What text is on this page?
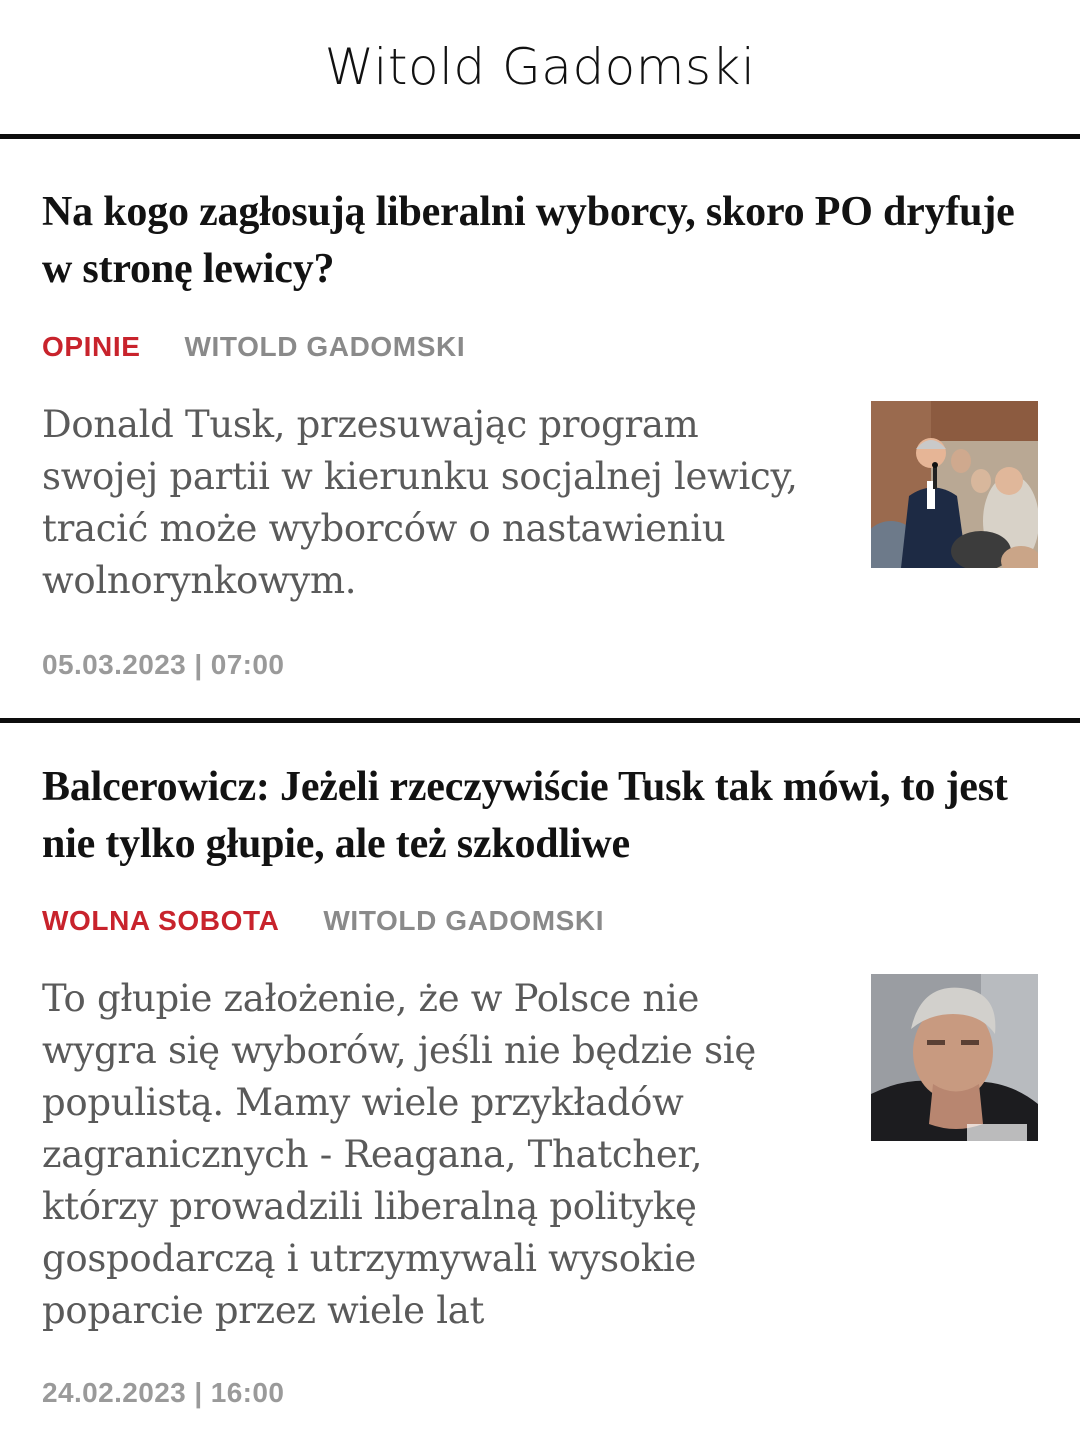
Witold Gadomski
Na kogo zagłosują liberalni wyborcy, skoro PO dryfuje w stronę lewicy?
OPINIE WITOLD GADOMSKI

Donald Tusk, przesuwając program swojej partii w kierunku socjalnej lewicy, tracić może wyborców o nastawieniu wolnorynkowym.

05.03.2023 | 07:00
Balcerowicz: Jeżeli rzeczywiście Tusk tak mówi, to jest nie tylko głupie, ale też szkodliwe
WOLNA SOBOTA WITOLD GADOMSKI

To głupie założenie, że w Polsce nie wygra się wyborów, jeśli nie będzie się populistą. Mamy wiele przykładów zagranicznych - Reagana, Thatcher, którzy prowadzili liberalną politykę gospodarczą i utrzymywali wysokie poparcie przez wiele lat

24.02.2023 | 16:00
